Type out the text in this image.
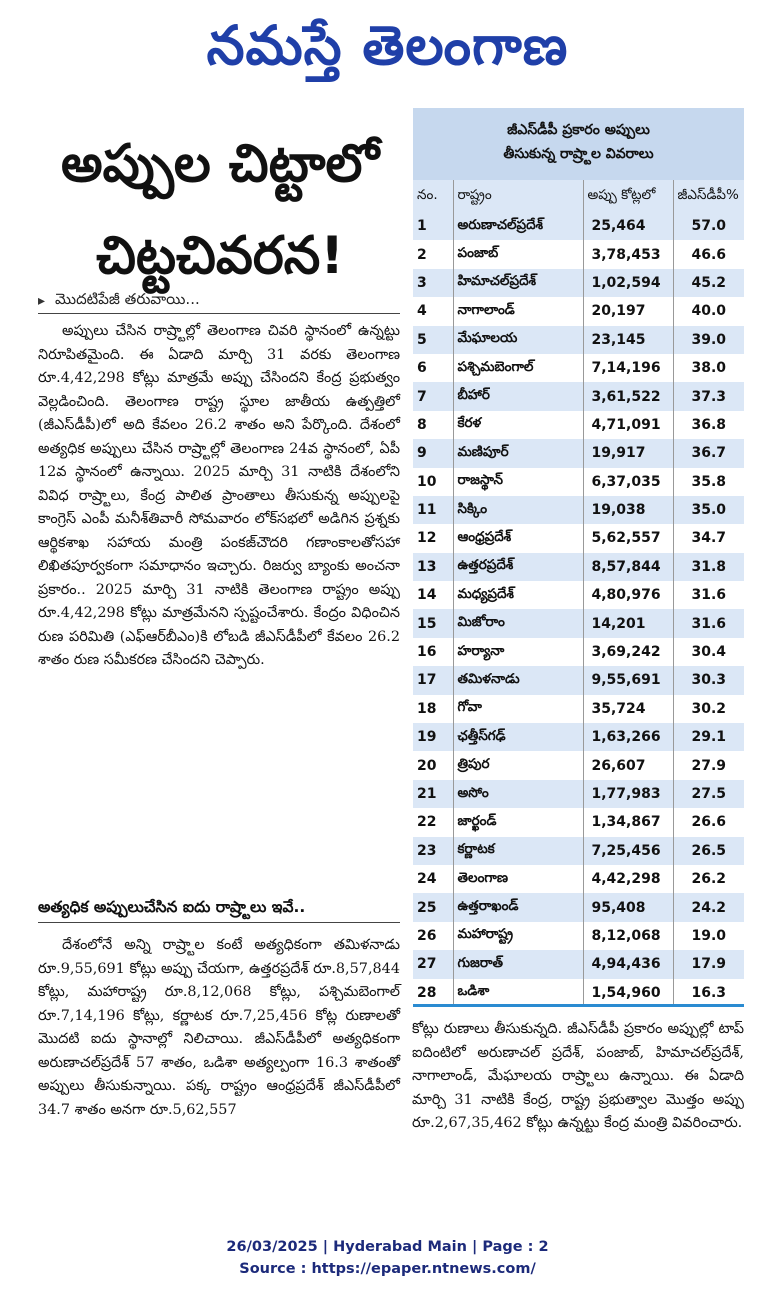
నమస్తే తెలంగాణ
అప్పుల చిట్టాలో
చిట్టచివరన!
▸ మొదటిపేజీ తరువాయి...
అప్పులు చేసిన రాష్ర్టాల్లో తెలంగాణ చివరి స్థానంలో ఉన్నట్టు నిరూపితమైంది. ఈ ఏడాది మార్చి 31 వరకు తెలంగాణ రూ.4,42,298 కోట్లు మాత్రమే అప్పు చేసిందని కేంద్ర ప్రభుత్వం వెల్లడించింది. తెలంగాణ రాష్ట్ర స్థూల జాతీయ ఉత్పత్తిలో (జీఎస్‌డీపీ)లో అది కేవలం 26.2 శాతం అని పేర్కొంది. దేశంలో అత్యధిక అప్పులు చేసిన రాష్ర్టాల్లో తెలంగాణ 24వ స్థానంలో, ఏపీ 12వ స్థానంలో ఉన్నాయి. 2025 మార్చి 31 నాటికి దేశంలోని వివిధ రాష్ర్టాలు, కేంద్ర పాలిత ప్రాంతాలు తీసుకున్న అప్పులపై కాంగ్రెస్ ఎంపీ మనీశ్‌తివారీ సోమవారం లోక్‌సభలో అడిగిన ప్రశ్నకు ఆర్థికశాఖ సహాయ మంత్రి పంకజ్‌చౌదరి గణాంకాలతోసహా లిఖితపూర్వకంగా సమాధానం ఇచ్చారు. రిజర్వు బ్యాంకు అంచనా ప్రకారం.. 2025 మార్చి 31 నాటికి తెలంగాణ రాష్ట్రం అప్పు రూ.4,42,298 కోట్లు మాత్రమేనని స్పష్టంచేశారు. కేంద్రం విధించిన రుణ పరిమితి (ఎఫ్‌ఆర్‌బీఎం)కి లోబడి జీఎస్‌డీపీలో కేవలం 26.2 శాతం రుణ సమీకరణ చేసిందని చెప్పారు.
అత్యధిక అప్పులుచేసిన ఐదు రాష్ర్టాలు ఇవే..
దేశంలోనే అన్ని రాష్ర్టాల కంటే అత్యధికంగా తమిళనాడు రూ.9,55,691 కోట్లు అప్పు చేయగా, ఉత్తరప్రదేశ్ రూ.8,57,844 కోట్లు, మహారాష్ట్ర రూ.8,12,068 కోట్లు, పశ్చిమబెంగాల్ రూ.7,14,196 కోట్లు, కర్ణాటక రూ.7,25,456 కోట్ల రుణాలతో మొదటి ఐదు స్థానాల్లో నిలిచాయి. జీఎస్‌డీపీలో అత్యధికంగా అరుణాచల్‌ప్రదేశ్ 57 శాతం, ఒడిశా అత్యల్పంగా 16.3 శాతంతో అప్పులు తీసుకున్నాయి. పక్క రాష్ట్రం ఆంధ్రప్రదేశ్ జీఎస్‌డీపీలో 34.7 శాతం అనగా రూ.5,62,557
జీఎస్‌డీపీ ప్రకారం అప్పులు
తీసుకున్న రాష్ర్టాల వివరాలు
నం.	రాష్ట్రం	అప్పు కోట్లలో	జీఎస్‌డీపీ%
1	అరుణాచల్‌ప్రదేశ్	25,464	57.0
2	పంజాబ్	3,78,453	46.6
3	హిమాచల్‌ప్రదేశ్	1,02,594	45.2
4	నాగాలాండ్	20,197	40.0
5	మేఘాలయ	23,145	39.0
6	పశ్చిమబెంగాల్	7,14,196	38.0
7	బీహార్	3,61,522	37.3
8	కేరళ	4,71,091	36.8
9	మణిపూర్	19,917	36.7
10	రాజస్థాన్	6,37,035	35.8
11	సిక్కిం	19,038	35.0
12	ఆంధ్రప్రదేశ్	5,62,557	34.7
13	ఉత్తరప్రదేశ్	8,57,844	31.8
14	మధ్యప్రదేశ్	4,80,976	31.6
15	మిజోరాం	14,201	31.6
16	హర్యానా	3,69,242	30.4
17	తమిళనాడు	9,55,691	30.3
18	గోవా	35,724	30.2
19	ఛత్తీస్‌గఢ్	1,63,266	29.1
20	త్రిపుర	26,607	27.9
21	అసోం	1,77,983	27.5
22	జార్ఖండ్	1,34,867	26.6
23	కర్ణాటక	7,25,456	26.5
24	తెలంగాణ	4,42,298	26.2
25	ఉత్తరాఖండ్	95,408	24.2
26	మహారాష్ట్ర	8,12,068	19.0
27	గుజరాత్	4,94,436	17.9
28	ఒడిశా	1,54,960	16.3
కోట్లు రుణాలు తీసుకున్నది. జీఎస్‌డీపీ ప్రకారం అప్పుల్లో టాప్ ఐదింటిలో అరుణాచల్ ప్రదేశ్, పంజాబ్, హిమాచల్‌ప్రదేశ్, నాగాలాండ్, మేఘాలయ రాష్ర్టాలు ఉన్నాయి. ఈ ఏడాది మార్చి 31 నాటికి కేంద్ర, రాష్ట్ర ప్రభుత్వాల మొత్తం అప్పు రూ.2,67,35,462 కోట్లు ఉన్నట్టు కేంద్ర మంత్రి వివరించారు.
26/03/2025 | Hyderabad Main | Page : 2
Source : https://epaper.ntnews.com/
